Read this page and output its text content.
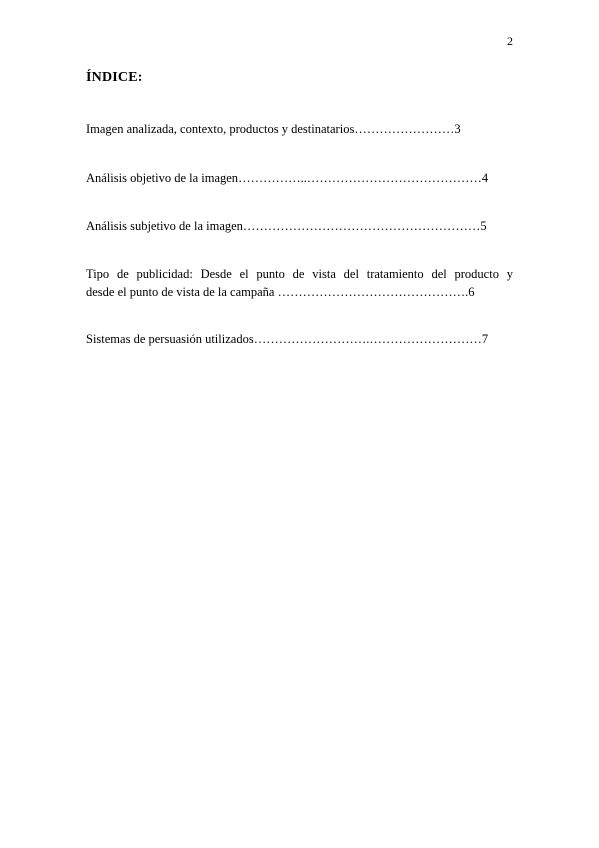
2
ÍNDICE:
Imagen analizada, contexto, productos y destinatarios……………………3
Análisis objetivo de la imagen……………..……………………………………4
Análisis subjetivo de la imagen…………………………………………………5
Tipo de publicidad: Desde el punto de vista del tratamiento del producto y
desde el punto de vista de la campaña ……………………………………….6
Sistemas de persuasión utilizados……………………….………………………7
